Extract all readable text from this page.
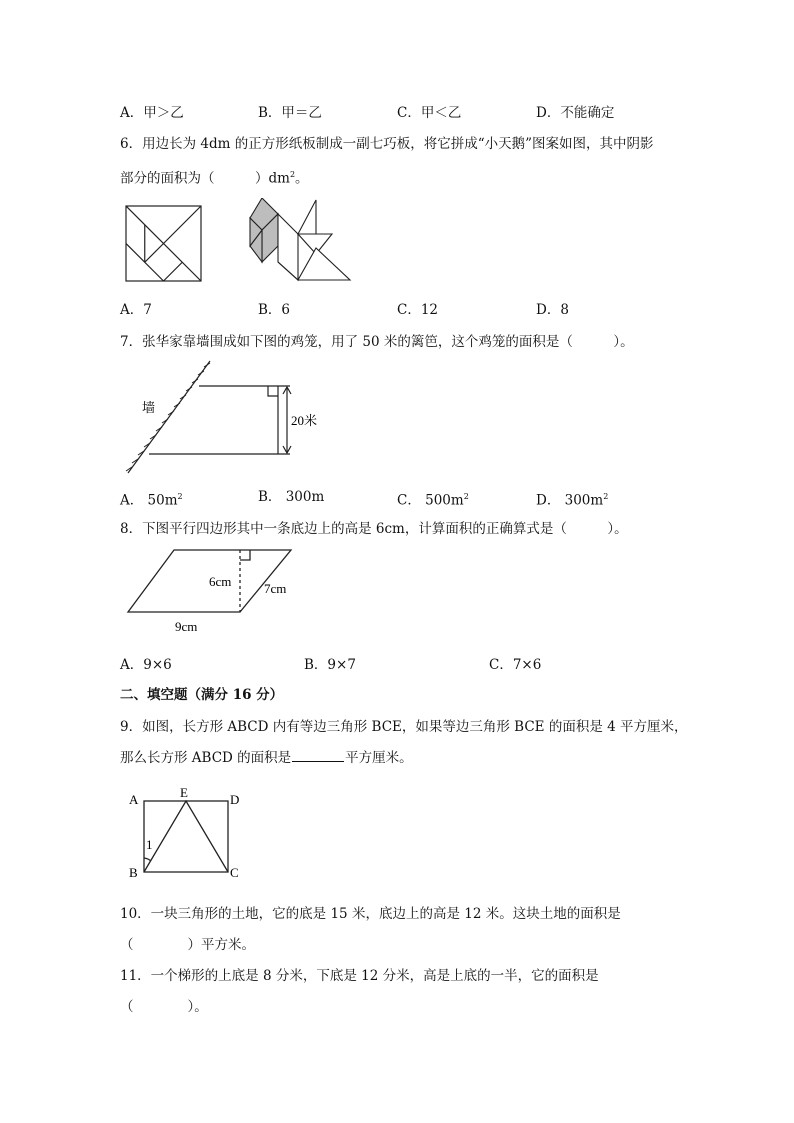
A．甲＞乙	B．甲＝乙	C．甲＜乙	D．不能确定
6．用边长为 4dm 的正方形纸板制成一副七巧板，将它拼成“小天鹅”图案如图，其中阴影
部分的面积为（　　　）$dm^2$。
A．7	B．6	C．12	D．8
7．张华家靠墙围成如下图的鸡笼，用了 50 米的篱笆，这个鸡笼的面积是（　　　）。
墙
20米
A． $50m^2$	B． 300m	C． $500m^2$	D． $300m^2$
8．下图平行四边形其中一条底边上的高是 6cm，计算面积的正确算式是（　　　）。
6cm	7cm
9cm
A．9×6	B．9×7	C．7×6
二、填空题（满分 16 分）
9．如图，长方形 ABCD 内有等边三角形 BCE，如果等边三角形 BCE 的面积是 4 平方厘米，
那么长方形 ABCD 的面积是	平方厘米。
A	E	D
B	C
1
10．一块三角形的土地，它的底是 15 米，底边上的高是 12 米。这块土地的面积是
（　　　　）平方米。
11．一个梯形的上底是 8 分米，下底是 12 分米，高是上底的一半，它的面积是
（　　　　）。
